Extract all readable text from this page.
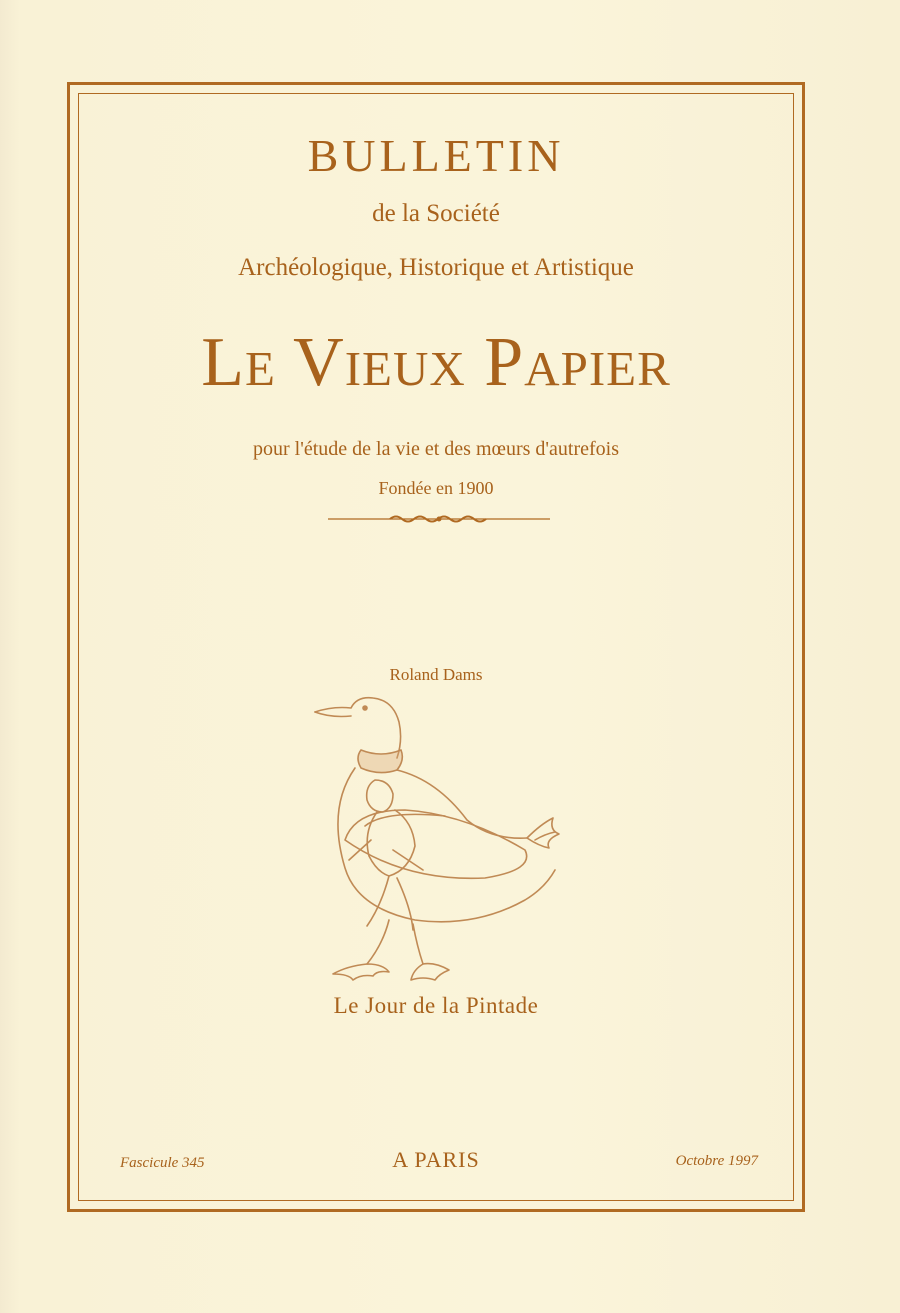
BULLETIN
de la Société
Archéologique, Historique et Artistique
Le Vieux Papier
pour l'étude de la vie et des mœurs d'autrefois
Fondée en 1900
Roland Dams
Le Jour de la Pintade
Fascicule 345	A PARIS	Octobre 1997
